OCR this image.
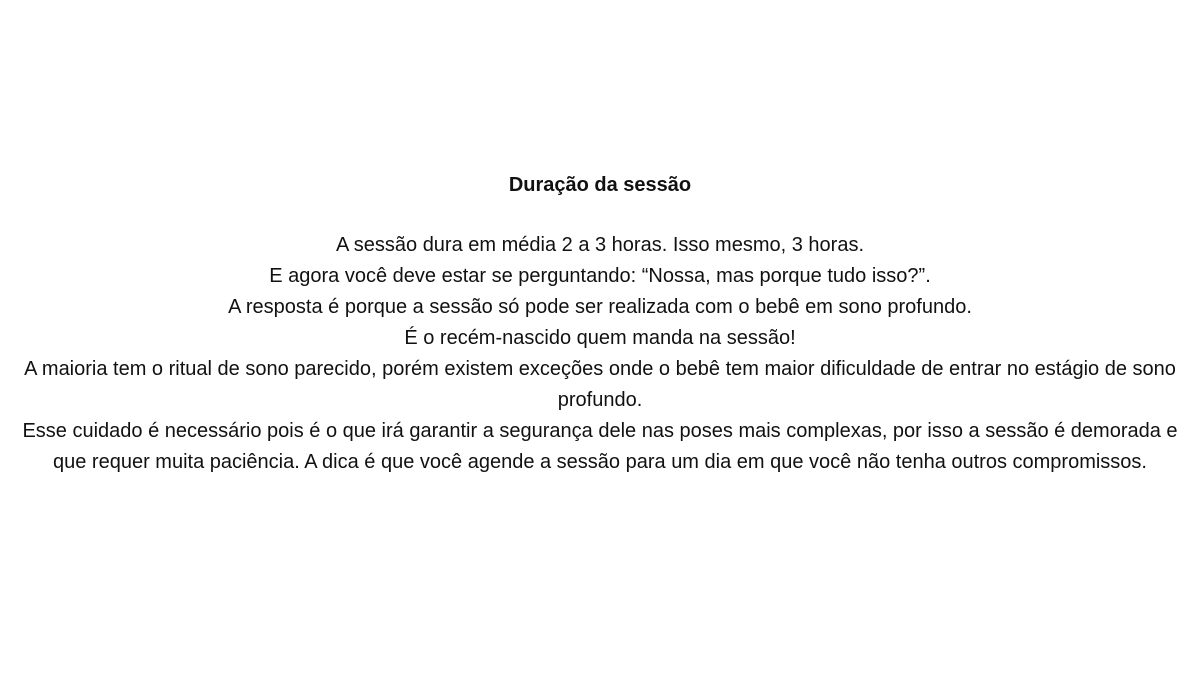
Duração da sessão

A sessão dura em média 2 a 3 horas. Isso mesmo, 3 horas.

E agora você deve estar se perguntando: “Nossa, mas porque tudo isso?”.

A resposta é porque a sessão só pode ser realizada com o bebê em sono profundo.

É o recém-nascido quem manda na sessão!

A maioria tem o ritual de sono parecido, porém existem exceções onde o bebê tem maior dificuldade de entrar no estágio de sono profundo.

Esse cuidado é necessário pois é o que irá garantir a segurança dele nas poses mais complexas, por isso a sessão é demorada e que requer muita paciência. A dica é que você agende a sessão para um dia em que você não tenha outros compromissos.
